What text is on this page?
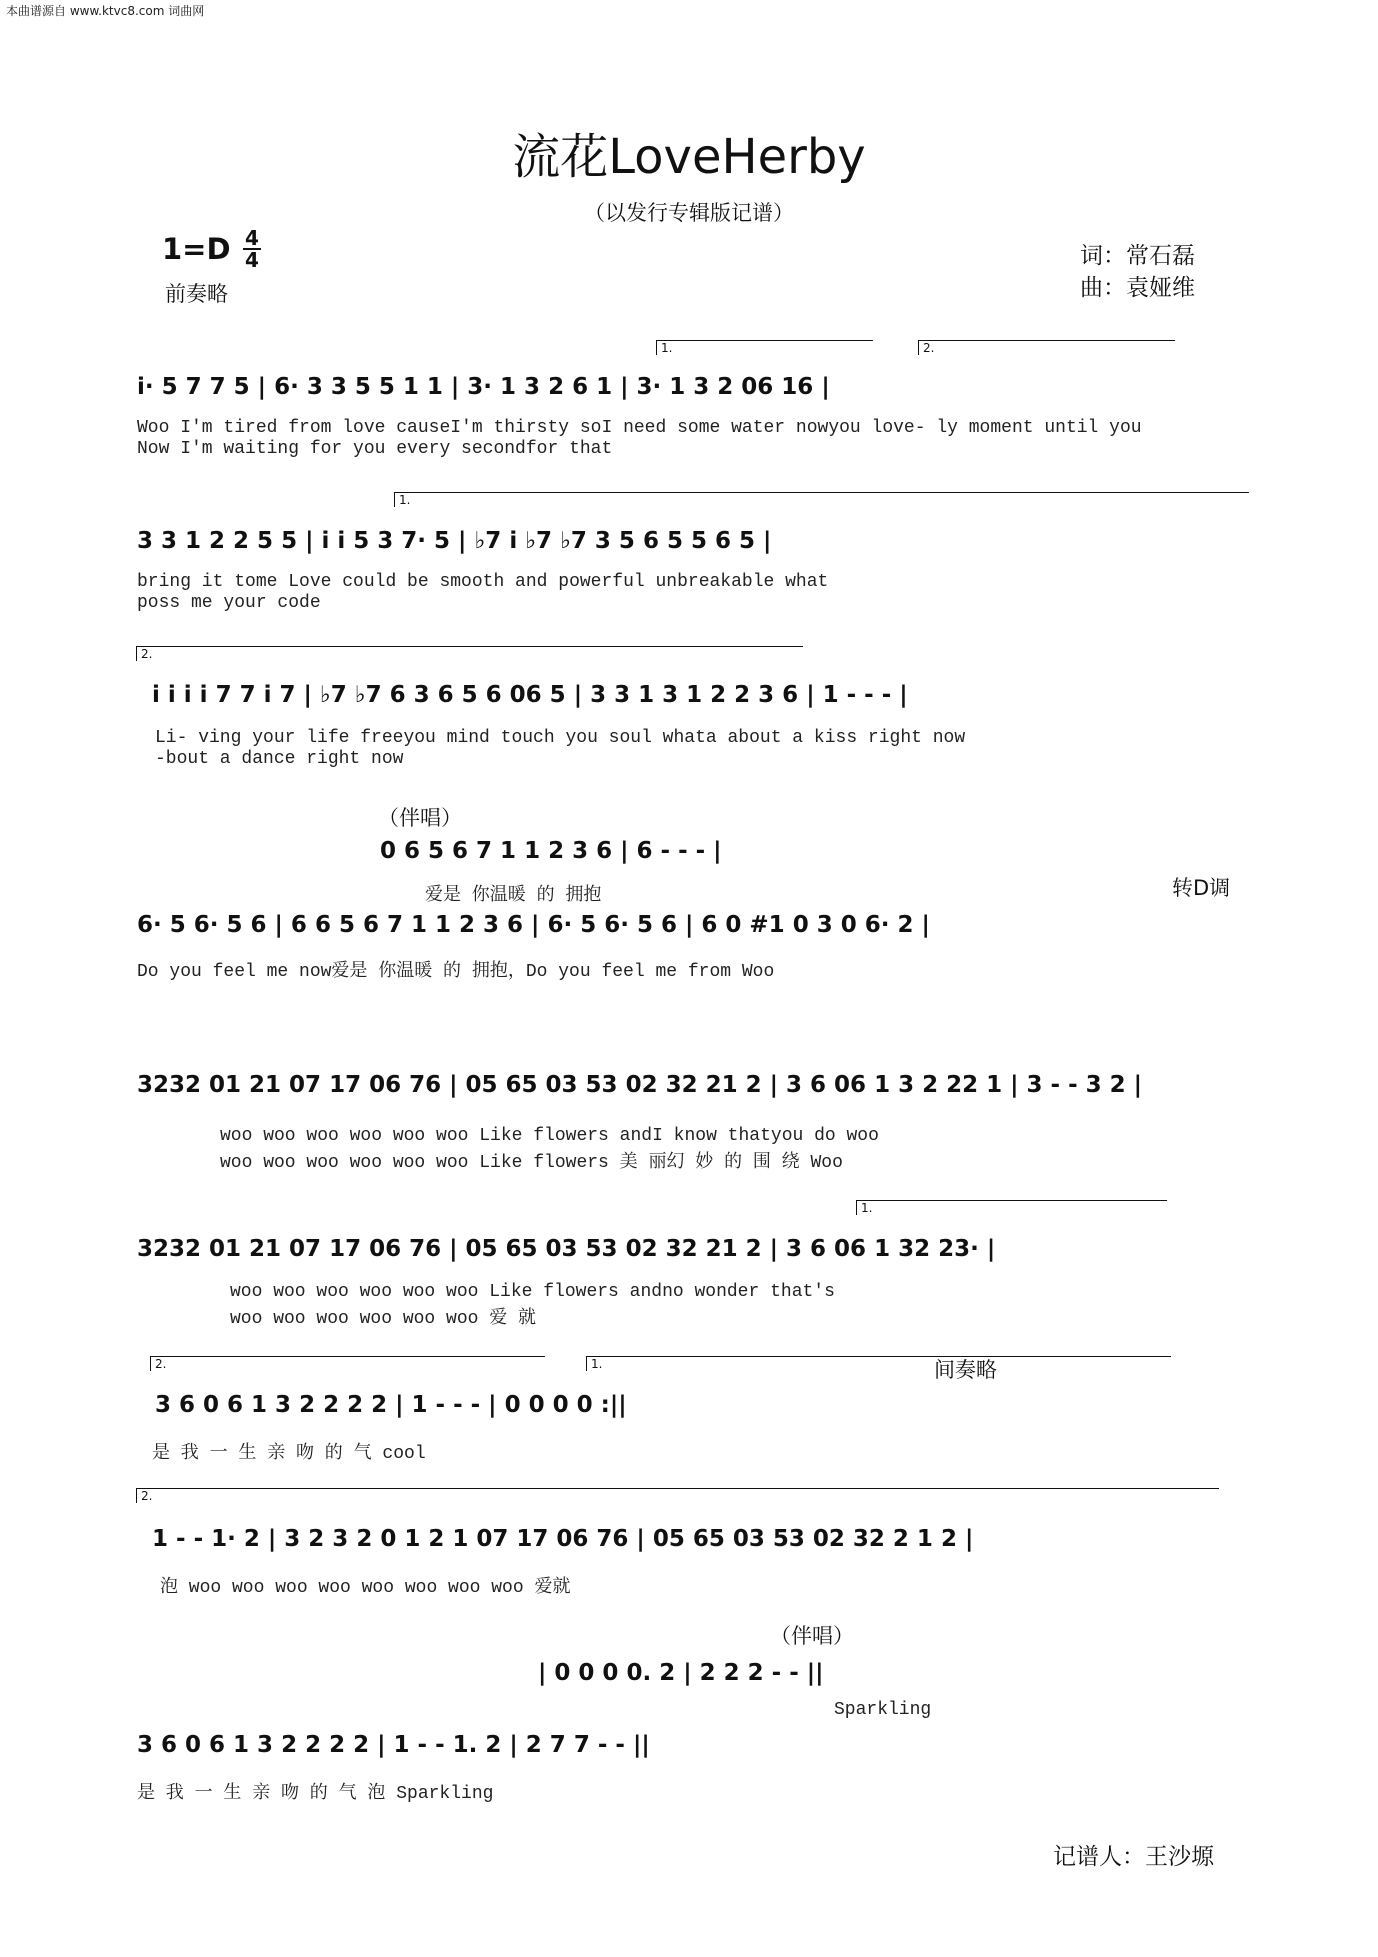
本曲谱源自 www.ktvc8.com 词曲网
流花LoveHerby
（以发行专辑版记谱）
1=D 4
4
前奏略
词：常石磊
曲：袁娅维
1.	2.
i· 5 7 7 5 | 6· 3 3 5 5 1 1 | 3· 1 3 2 6 1 | 3· 1 3 2 06 16 |
Woo I'm tired from love causeI'm thirsty soI need some water nowyou love- ly moment until you
Now I'm waiting for you every secondfor that
1.
3 3 1 2 2 5 5 | i i 5 3 7· 5 | ♭7 i ♭7 ♭7 3 5 6 5 5 6 5 |
bring it tome Love could be smooth and powerful unbreakable what
poss me your code
2.
i i i i 7 7 i 7 | ♭7 ♭7 6 3 6 5 6 06 5 | 3 3 1 3 1 2 2 3 6 | 1 - - - |
Li- ving your life freeyou mind touch you soul whata about a kiss right now
-bout a dance right now
（伴唱）
0 6 5 6 7 1 1 2 3 6 | 6 - - - |
爱是 你温暖 的 拥抱	转D调
6· 5 6· 5 6 | 6 6 5 6 7 1 1 2 3 6 | 6· 5 6· 5 6 | 6 0 #1 0 3 0 6· 2 |
Do you feel me now爱是 你温暖 的 拥抱，Do you feel me from Woo
3232 01 21 07 17 06 76 | 05 65 03 53 02 32 21 2 | 3 6 06 1 3 2 22 1 | 3 - - 3 2 |
woo woo woo woo woo woo Like flowers andI know thatyou do woo
woo woo woo woo woo woo Like flowers 美 丽幻 妙 的 围 绕 Woo
1.
3232 01 21 07 17 06 76 | 05 65 03 53 02 32 21 2 | 3 6 06 1 32 23· |
woo woo woo woo woo woo Like flowers andno wonder that's
woo woo woo woo woo woo 爱 就
2.	1.	间奏略
3 6 0 6 1 3 2 2 2 2 | 1 - - - | 0 0 0 0 :||
是 我 一 生 亲 吻 的 气 cool
2.
1 - - 1· 2 | 3 2 3 2 0 1 2 1 07 17 06 76 | 05 65 03 53 02 32 2 1 2 |
泡 woo woo woo woo woo woo woo woo 爱就
（伴唱）
| 0 0 0 0. 2 | 2 2 2 - - ||
Sparkling
3 6 0 6 1 3 2 2 2 2 | 1 - - 1. 2 | 2 7 7 - - ||
是 我 一 生 亲 吻 的 气 泡 Sparkling
记谱人：王沙塬
